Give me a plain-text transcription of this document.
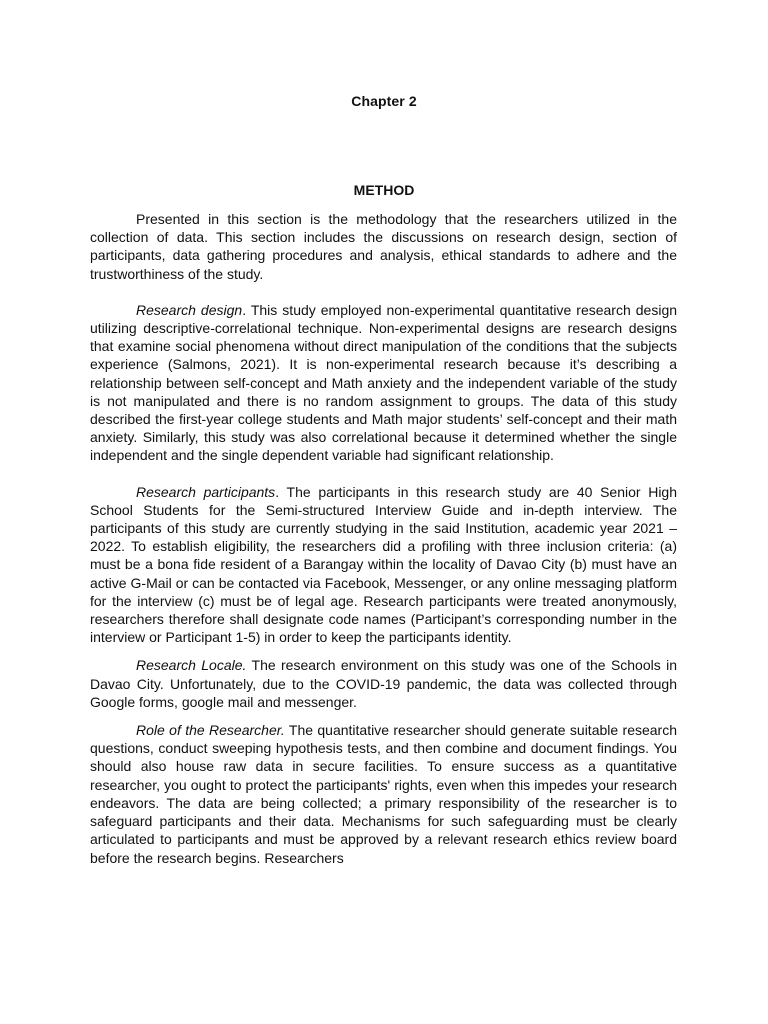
Chapter 2
METHOD

Presented in this section is the methodology that the researchers utilized in the collection of data. This section includes the discussions on research design, section of participants, data gathering procedures and analysis, ethical standards to adhere and the trustworthiness of the study.

Research design. This study employed non-experimental quantitative research design utilizing descriptive-correlational technique. Non-experimental designs are research designs that examine social phenomena without direct manipulation of the conditions that the subjects experience (Salmons, 2021). It is non-experimental research because it’s describing a relationship between self-concept and Math anxiety and the independent variable of the study is not manipulated and there is no random assignment to groups. The data of this study described the first-year college students and Math major students’ self-concept and their math anxiety. Similarly, this study was also correlational because it determined whether the single independent and the single dependent variable had significant relationship.

Research participants. The participants in this research study are 40 Senior High School Students for the Semi-structured Interview Guide and in-depth interview. The participants of this study are currently studying in the said Institution, academic year 2021 – 2022. To establish eligibility, the researchers did a profiling with three inclusion criteria: (a) must be a bona fide resident of a Barangay within the locality of Davao City (b) must have an active G-Mail or can be contacted via Facebook, Messenger, or any online messaging platform for the interview (c) must be of legal age. Research participants were treated anonymously, researchers therefore shall designate code names (Participant’s corresponding number in the interview or Participant 1-5) in order to keep the participants identity.

Research Locale. The research environment on this study was one of the Schools in Davao City. Unfortunately, due to the COVID-19 pandemic, the data was collected through Google forms, google mail and messenger.

Role of the Researcher. The quantitative researcher should generate suitable research questions, conduct sweeping hypothesis tests, and then combine and document findings. You should also house raw data in secure facilities. To ensure success as a quantitative researcher, you ought to protect the participants' rights, even when this impedes your research endeavors. The data are being collected; a primary responsibility of the researcher is to safeguard participants and their data. Mechanisms for such safeguarding must be clearly articulated to participants and must be approved by a relevant research ethics review board before the research begins. Researchers
